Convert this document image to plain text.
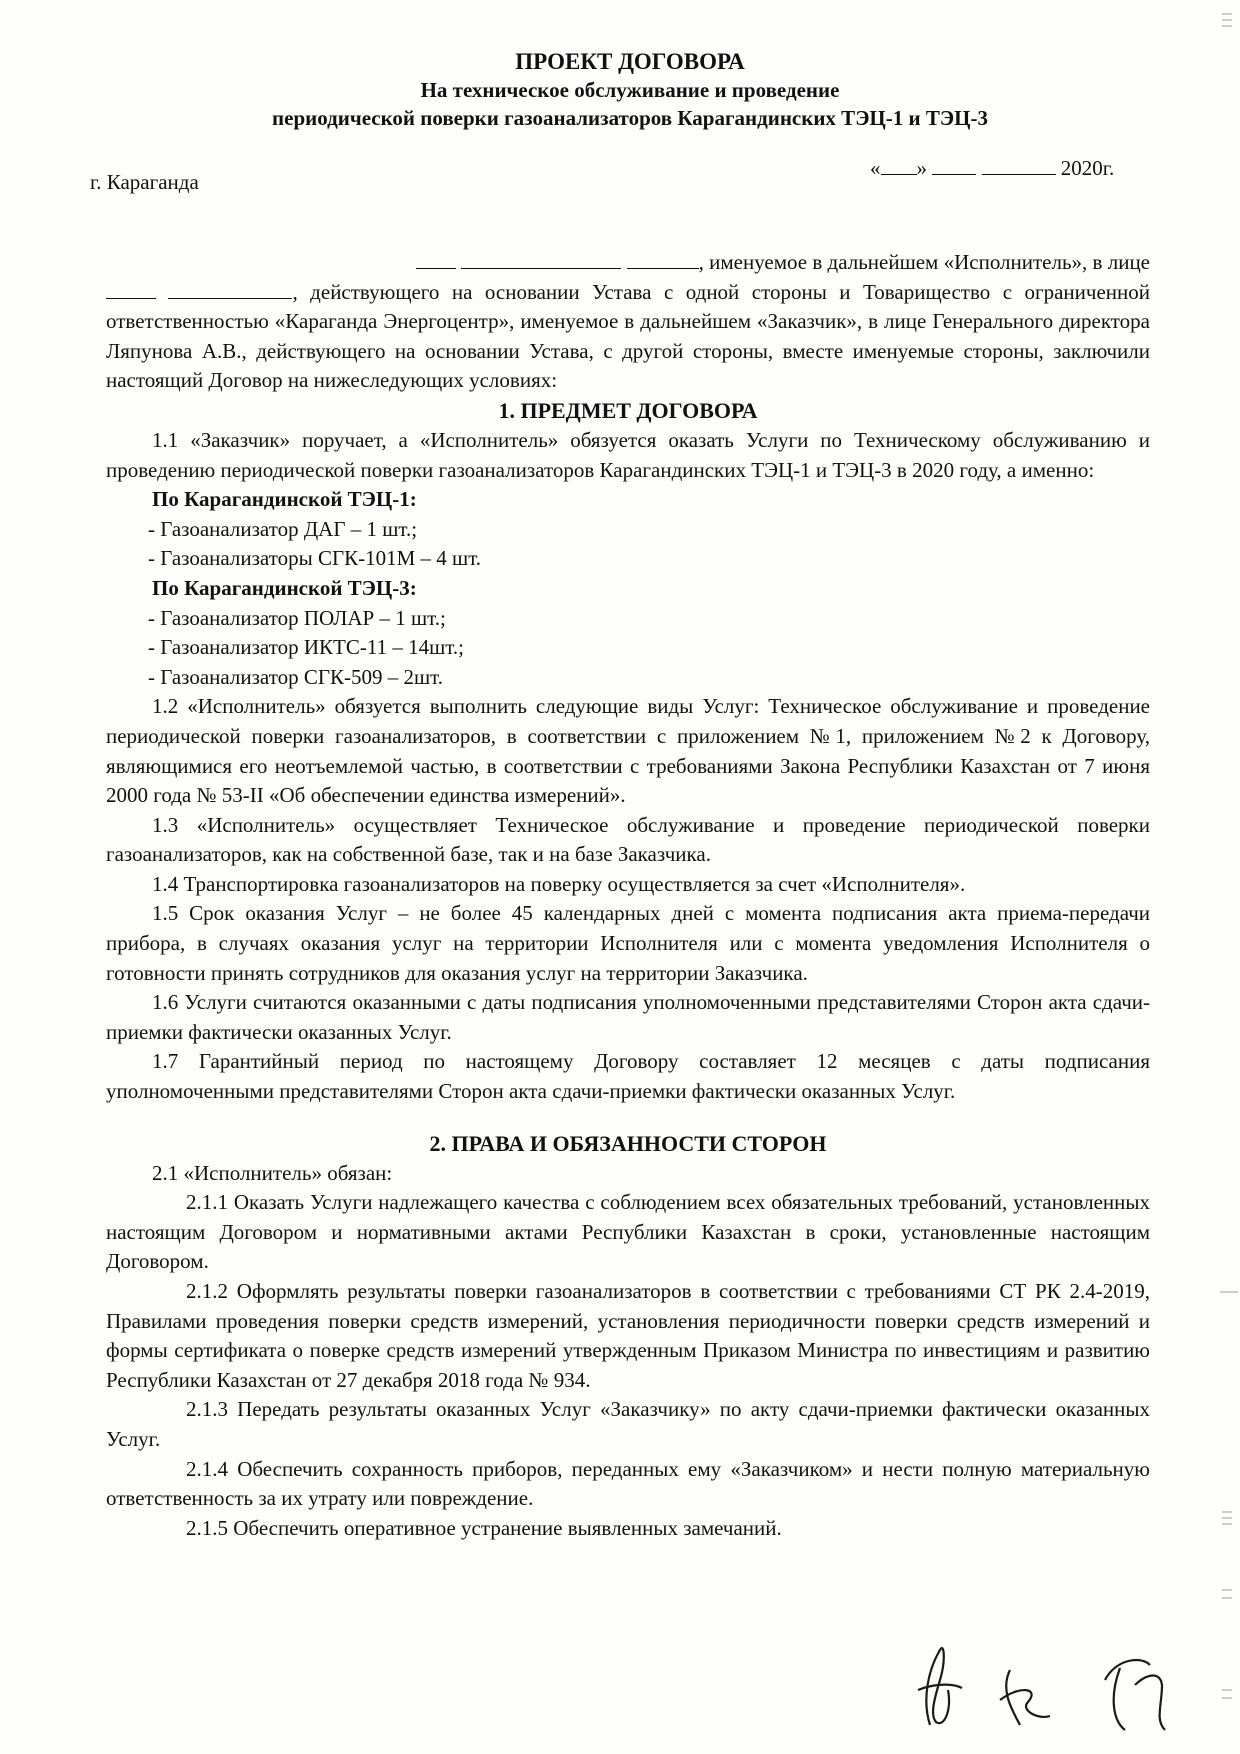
ПРОЕКТ ДОГОВОРА
На техническое обслуживание и проведение
периодической поверки газоанализаторов Карагандинских ТЭЦ-1 и ТЭЦ-3
г. Караганда
« »	2020г.

, именуемое в дальнейшем «Исполнитель», в лице

, действующего на основании Устава с одной стороны и Товарищество с ограниченной ответственностью «Караганда Энергоцентр», именуемое в дальнейшем «Заказчик», в лице Генерального директора Ляпунова А.В., действующего на основании Устава, с другой стороны, вместе именуемые стороны, заключили настоящий Договор на нижеследующих условиях:

1. ПРЕДМЕТ ДОГОВОРА

1.1 «Заказчик» поручает, а «Исполнитель» обязуется оказать Услуги по Техническому обслуживанию и проведению периодической поверки газоанализаторов Карагандинских ТЭЦ-1 и ТЭЦ-3 в 2020 году, а именно:

По Карагандинской ТЭЦ-1:

- Газоанализатор ДАГ – 1 шт.;

- Газоанализаторы СГК-101М – 4 шт.

По Карагандинской ТЭЦ-3:

- Газоанализатор ПОЛАР – 1 шт.;

- Газоанализатор ИКТС-11 – 14шт.;

- Газоанализатор СГК-509 – 2шт.

1.2 «Исполнитель» обязуется выполнить следующие виды Услуг: Техническое обслуживание и проведение периодической поверки газоанализаторов, в соответствии с приложением №1, приложением №2 к Договору, являющимися его неотъемлемой частью, в соответствии с требованиями Закона Республики Казахстан от 7 июня 2000 года № 53-II «Об обеспечении единства измерений».

1.3 «Исполнитель» осуществляет Техническое обслуживание и проведение периодической поверки газоанализаторов, как на собственной базе, так и на базе Заказчика.

1.4 Транспортировка газоанализаторов на поверку осуществляется за счет «Исполнителя».

1.5 Срок оказания Услуг – не более 45 календарных дней с момента подписания акта приема-передачи прибора, в случаях оказания услуг на территории Исполнителя или с момента уведомления Исполнителя о готовности принять сотрудников для оказания услуг на территории Заказчика.

1.6 Услуги считаются оказанными с даты подписания уполномоченными представителями Сторон акта сдачи-приемки фактически оказанных Услуг.

1.7 Гарантийный период по настоящему Договору составляет 12 месяцев с даты подписания уполномоченными представителями Сторон акта сдачи-приемки фактически оказанных Услуг.

2. ПРАВА И ОБЯЗАННОСТИ СТОРОН

2.1 «Исполнитель» обязан:

2.1.1 Оказать Услуги надлежащего качества с соблюдением всех обязательных требований, установленных настоящим Договором и нормативными актами Республики Казахстан в сроки, установленные настоящим Договором.

2.1.2 Оформлять результаты поверки газоанализаторов в соответствии с требованиями СТ РК 2.4-2019, Правилами проведения поверки средств измерений, установления периодичности поверки средств измерений и формы сертификата о поверке средств измерений утвержденным Приказом Министра по инвестициям и развитию Республики Казахстан от 27 декабря 2018 года № 934.

2.1.3 Передать результаты оказанных Услуг «Заказчику» по акту сдачи-приемки фактически оказанных Услуг.

2.1.4 Обеспечить сохранность приборов, переданных ему «Заказчиком» и нести полную материальную ответственность за их утрату или повреждение.

2.1.5 Обеспечить оперативное устранение выявленных замечаний.
